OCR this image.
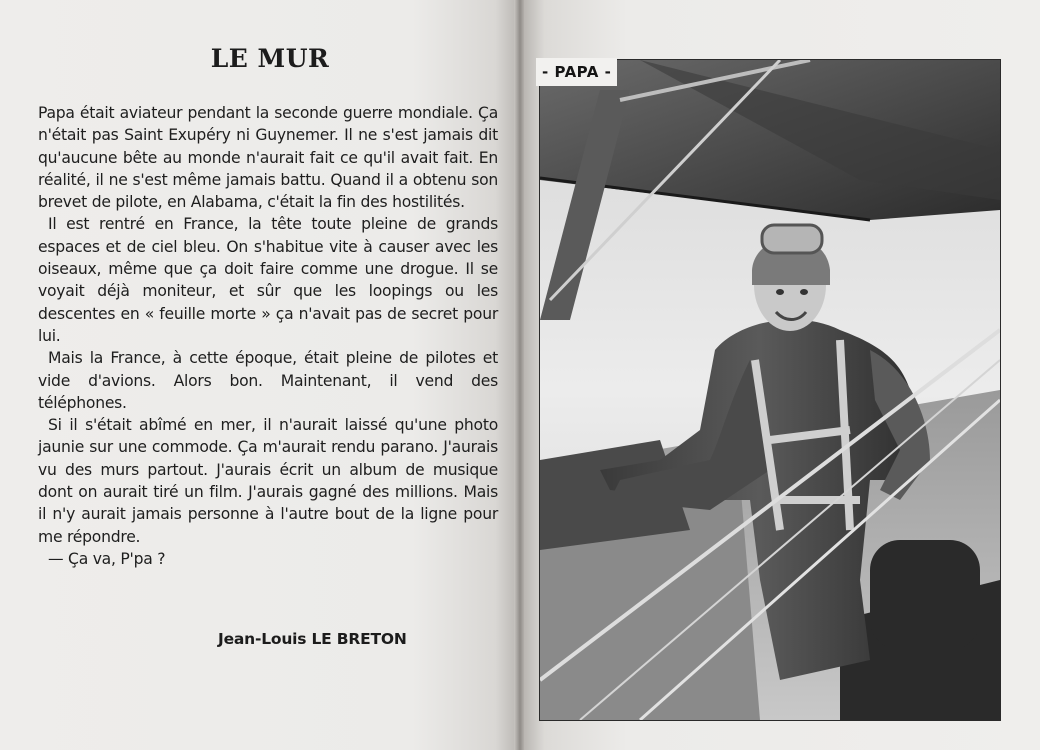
LE MUR

Papa était aviateur pendant la seconde guerre mondiale. Ça n'était pas Saint Exupéry ni Guynemer. Il ne s'est jamais dit qu'aucune bête au monde n'aurait fait ce qu'il avait fait. En réalité, il ne s'est même jamais battu. Quand il a obtenu son brevet de pilote, en Alabama, c'était la fin des hostilités.

Il est rentré en France, la tête toute pleine de grands espaces et de ciel bleu. On s'habitue vite à causer avec les oiseaux, même que ça doit faire comme une drogue. Il se voyait déjà moniteur, et sûr que les loopings ou les descentes en « feuille morte » ça n'avait pas de secret pour lui.

Mais la France, à cette époque, était pleine de pilotes et vide d'avions. Alors bon. Maintenant, il vend des téléphones.

Si il s'était abîmé en mer, il n'aurait laissé qu'une photo jaunie sur une commode. Ça m'aurait rendu parano. J'aurais vu des murs partout. J'aurais écrit un album de musique dont on aurait tiré un film. J'aurais gagné des millions. Mais il n'y aurait jamais personne à l'autre bout de la ligne pour me répondre.

— Ça va, P'pa ?

Jean-Louis LE BRETON
- PAPA -
